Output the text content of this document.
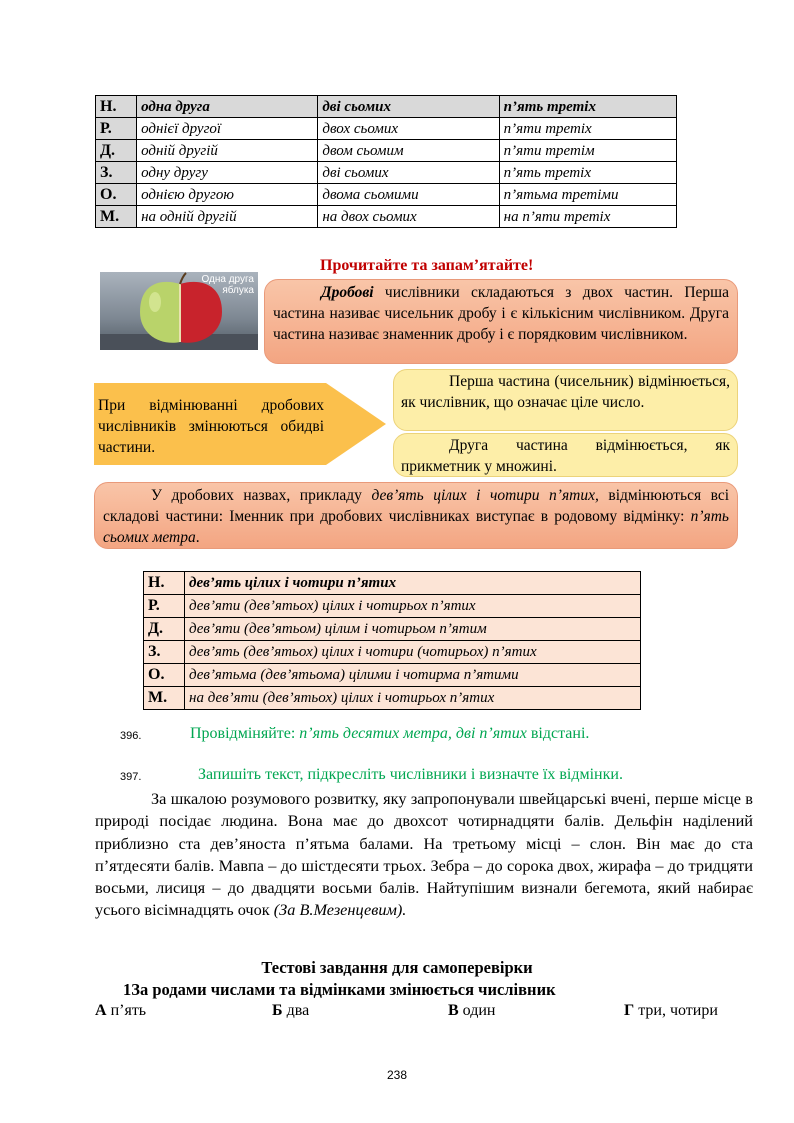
Н.	одна друга	дві сьомих	п’ять третіх
Р.	однієї другої	двох сьомих	п’яти третіх
Д.	одній другій	двом сьомим	п’яти третім
З.	одну другу	дві сьомих	п’ять третіх
О.	однією другою	двома сьомими	п’ятьма третіми
М.	на одній другій	на двох сьомих	на п’яти третіх
Прочитайте та запам’ятайте!
Одна друга
яблука	Дробові числівники складаються з двох частин. Перша частина називає чисельник дробу і є кількісним числівником. Друга частина називає знаменник дробу і є порядковим числівником.
При відмінюванні дробових числівників змінюються обидві частини.
Перша частина (чисельник) відмінюється, як числівник, що означає ціле число.
Друга частина відмінюється, як прикметник у множині.
У дробових назвах, прикладу дев’ять цілих і чотири п’ятих, відмінюються всі складові частини: Іменник при дробових числівниках виступає в родовому відмінку: п’ять сьомих метра.
Н.	дев’ять цілих і чотири п’ятих
Р.	дев’яти (дев’ятьох) цілих і чотирьох п’ятих
Д.	дев’яти (дев’ятьом) цілим і чотирьом п’ятим
З.	дев’ять (дев’ятьох) цілих і чотири (чотирьох) п’ятих
О.	дев’ятьма (дев’ятьома) цілими і чотирма п’ятими
М.	на дев’яти (дев’ятьох) цілих і чотирьох п’ятих
396.	Провідміняйте: п’ять десятих метра, дві п’ятих відстані.
397.	Запишіть текст, підкресліть числівники і визначте їх відмінки.
За шкалою розумового розвитку, яку запропонували швейцарські вчені, перше місце в природі посідає людина. Вона має до двохсот чотирнадцяти балів. Дельфін наділений приблизно ста дев’яноста п’ятьма балами. На третьому місці – слон. Він має до ста п’ятдесяти балів. Мавпа – до шістдесяти трьох. Зебра – до сорока двох, жирафа – до тридцяти восьми, лисиця – до двадцяти восьми балів. Найтупішим визнали бегемота, який набирає усього вісімнадцять очок (За В.Мезенцевим).
Тестові завдання для самоперевірки
1За родами числами та відмінками змінюється числівник
А п’ять	Б два	В один	Г три, чотири
238
